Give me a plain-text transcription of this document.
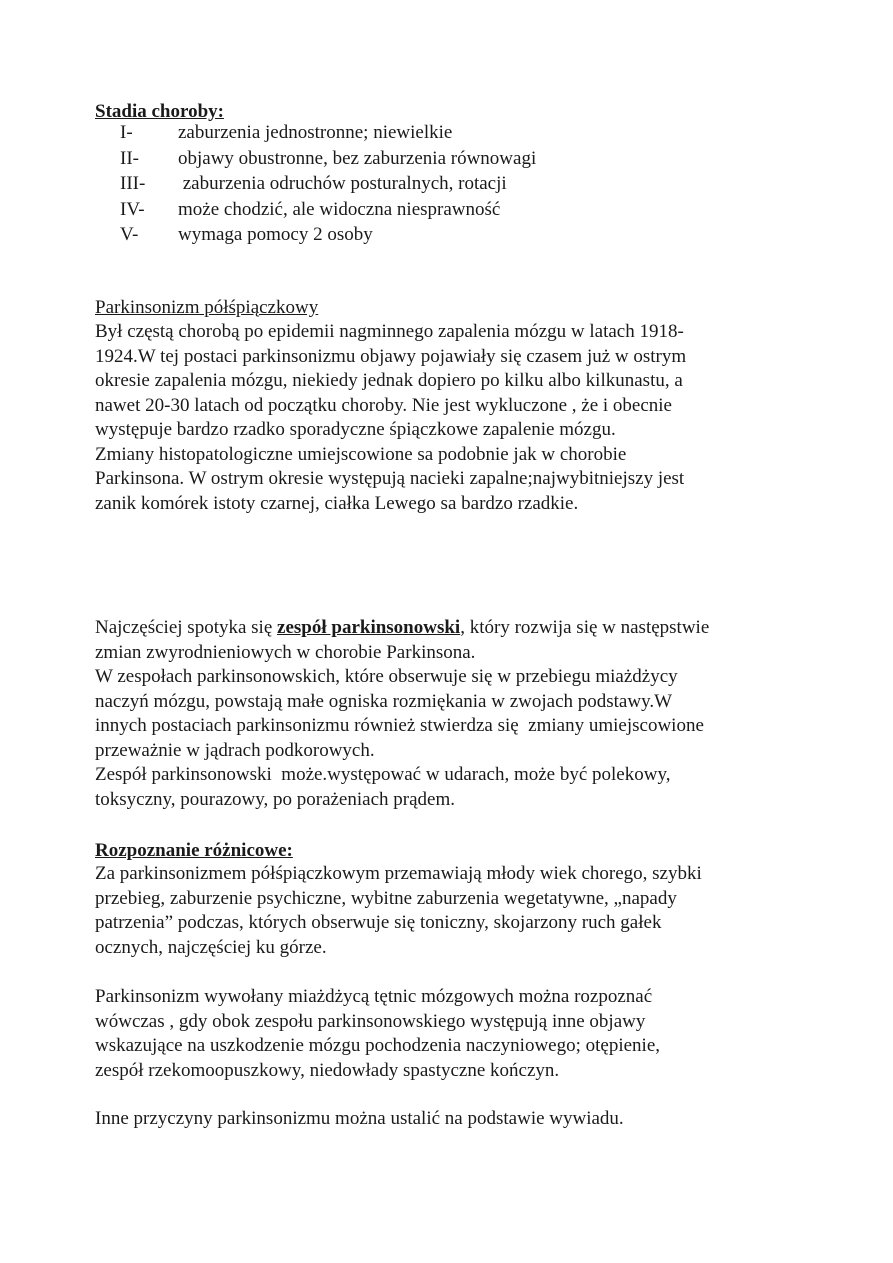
Stadia choroby:
I-	zaburzenia jednostronne; niewielkie
II-	objawy obustronne, bez zaburzenia równowagi
III-	zaburzenia odruchów posturalnych, rotacji
IV-	może chodzić, ale widoczna niesprawność
V-	wymaga pomocy 2 osoby
Parkinsonizm półśpiączkowy
Był częstą chorobą po epidemii nagminnego zapalenia mózgu w latach 1918-
1924.W tej postaci parkinsonizmu objawy pojawiały się czasem już w ostrym
okresie zapalenia mózgu, niekiedy jednak dopiero po kilku albo kilkunastu, a
nawet 20-30 latach od początku choroby. Nie jest wykluczone , że i obecnie
występuje bardzo rzadko sporadyczne śpiączkowe zapalenie mózgu.
Zmiany histopatologiczne umiejscowione sa podobnie jak w chorobie
Parkinsona. W ostrym okresie występują nacieki zapalne;najwybitniejszy jest
zanik komórek istoty czarnej, ciałka Lewego sa bardzo rzadkie.
Najczęściej spotyka się zespół parkinsonowski, który rozwija się w następstwie
zmian zwyrodnieniowych w chorobie Parkinsona.
W zespołach parkinsonowskich, które obserwuje się w przebiegu miażdżycy
naczyń mózgu, powstają małe ogniska rozmiękania w zwojach podstawy.W
innych postaciach parkinsonizmu również stwierdza się  zmiany umiejscowione
przeważnie w jądrach podkorowych.
Zespół parkinsonowski  może.występować w udarach, może być polekowy,
toksyczny, pourazowy, po porażeniach prądem.
Rozpoznanie różnicowe:
Za parkinsonizmem półśpiączkowym przemawiają młody wiek chorego, szybki
przebieg, zaburzenie psychiczne, wybitne zaburzenia wegetatywne, „napady
patrzenia” podczas, których obserwuje się toniczny, skojarzony ruch gałek
ocznych, najczęściej ku górze.
Parkinsonizm wywołany miażdżycą tętnic mózgowych można rozpoznać
wówczas , gdy obok zespołu parkinsonowskiego występują inne objawy
wskazujące na uszkodzenie mózgu pochodzenia naczyniowego; otępienie,
zespół rzekomoopuszkowy, niedowłady spastyczne kończyn.
Inne przyczyny parkinsonizmu można ustalić na podstawie wywiadu.
